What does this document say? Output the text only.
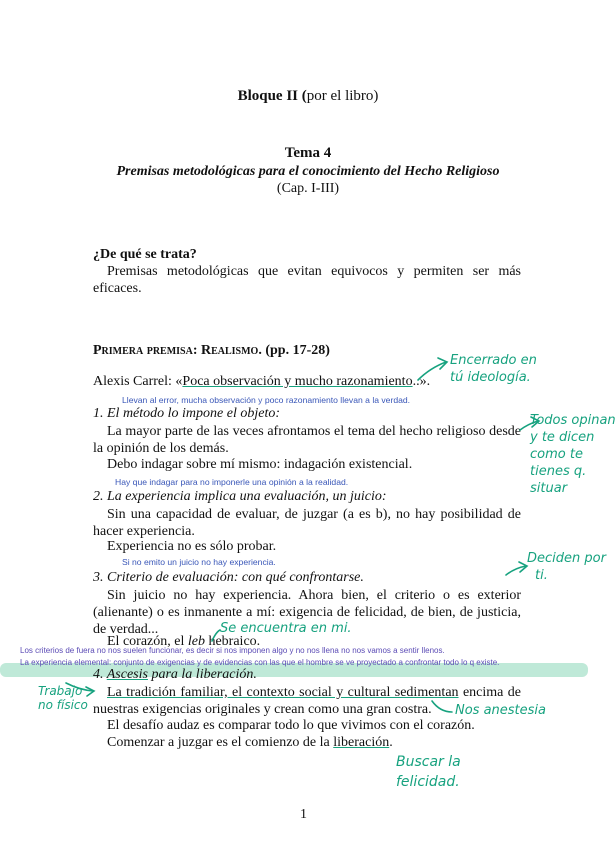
Bloque II (por el libro)
Tema 4
Premisas metodológicas para el conocimiento del Hecho Religioso
(Cap. I-III)
¿De qué se trata?
Premisas metodológicas que evitan equivocos y permiten ser más eficaces.
Primera premisa: Realismo. (pp. 17-28)
Alexis Carrel: «Poca observación y mucho razonamiento..».
Llevan al error, mucha observación y poco razonamiento llevan a la verdad.
1. El método lo impone el objeto:
La mayor parte de las veces afrontamos el tema del hecho religioso desde la opinión de los demás.
Debo indagar sobre mí mismo: indagación existencial.
Hay que indagar para no imponerle una opinión a la realidad.
2. La experiencia implica una evaluación, un juicio:
Sin una capacidad de evaluar, de juzgar (a es b), no hay posibilidad de hacer experiencia.
Experiencia no es sólo probar.
Si no emito un juicio no hay experiencia.
3. Criterio de evaluación: con qué confrontarse.
Sin juicio no hay experiencia. Ahora bien, el criterio o es exterior (alienante) o es inmanente a mí: exigencia de felicidad, de bien, de justicia, de verdad...
El corazón, el leb hebraico.
Los criterios de fuera no nos suelen funcionar, es decir si nos imponen algo y no nos llena no nos vamos a sentir llenos.
La experiencia elemental: conjunto de exigencias y de evidencias con las que el hombre se ve proyectado a confrontar todo lo q existe.
4. Ascesis para la liberación.
La tradición familiar, el contexto social y cultural sedimentan encima de nuestras exigencias originales y crean como una gran costra.
El desafío audaz es comparar todo lo que vivimos con el corazón.
Comenzar a juzgar es el comienzo de la liberación.
Encerrado en
tú ideología.
Todos opinan
y te dicen
como te
tienes q.
situar
Deciden por
ti.
Se encuentra en mi.
Trabajo
no físico	Nos anestesia
Buscar la
felicidad.
1
